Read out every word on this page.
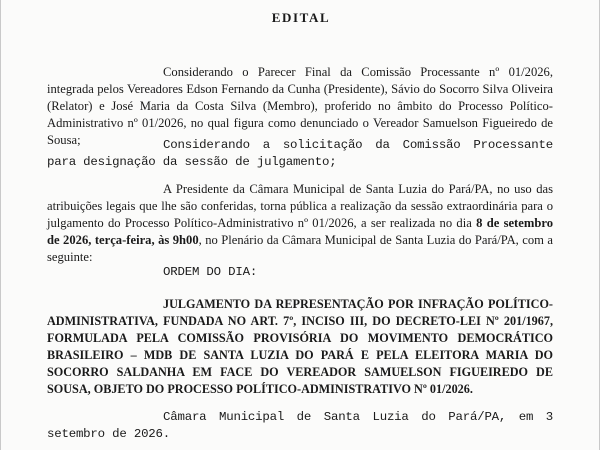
EDITAL

Considerando o Parecer Final da Comissão Processante nº 01/2026, integrada pelos Vereadores Edson Fernando da Cunha (Presidente), Sávio do Socorro Silva Oliveira (Relator) e José Maria da Costa Silva (Membro), proferido no âmbito do Processo Político-Administrativo nº 01/2026, no qual figura como denunciado o Vereador Samuelson Figueiredo de Sousa;	Considerando a solicitação da Comissão Processante para designação da sessão de julgamento;

A Presidente da Câmara Municipal de Santa Luzia do Pará/PA, no uso das atribuições legais que lhe são conferidas, torna pública a realização da sessão extraordinária para o julgamento do Processo Político-Administrativo nº 01/2026, a ser realizada no dia 8 de setembro de 2026, terça-feira, às 9h00, no Plenário da Câmara Municipal de Santa Luzia do Pará/PA, com a seguinte:

ORDEM DO DIA:

JULGAMENTO DA REPRESENTAÇÃO POR INFRAÇÃO POLÍTICO-ADMINISTRATIVA, FUNDADA NO ART. 7º, INCISO III, DO DECRETO-LEI Nº 201/1967, FORMULADA PELA COMISSÃO PROVISÓRIA DO MOVIMENTO DEMOCRÁTICO BRASILEIRO – MDB DE SANTA LUZIA DO PARÁ E PELA ELEITORA MARIA DO SOCORRO SALDANHA EM FACE DO VEREADOR SAMUELSON FIGUEIREDO DE SOUSA, OBJETO DO PROCESSO POLÍTICO-ADMINISTRATIVO Nº 01/2026.

Câmara Municipal de Santa Luzia do Pará/PA, em 3 setembro de 2026.
